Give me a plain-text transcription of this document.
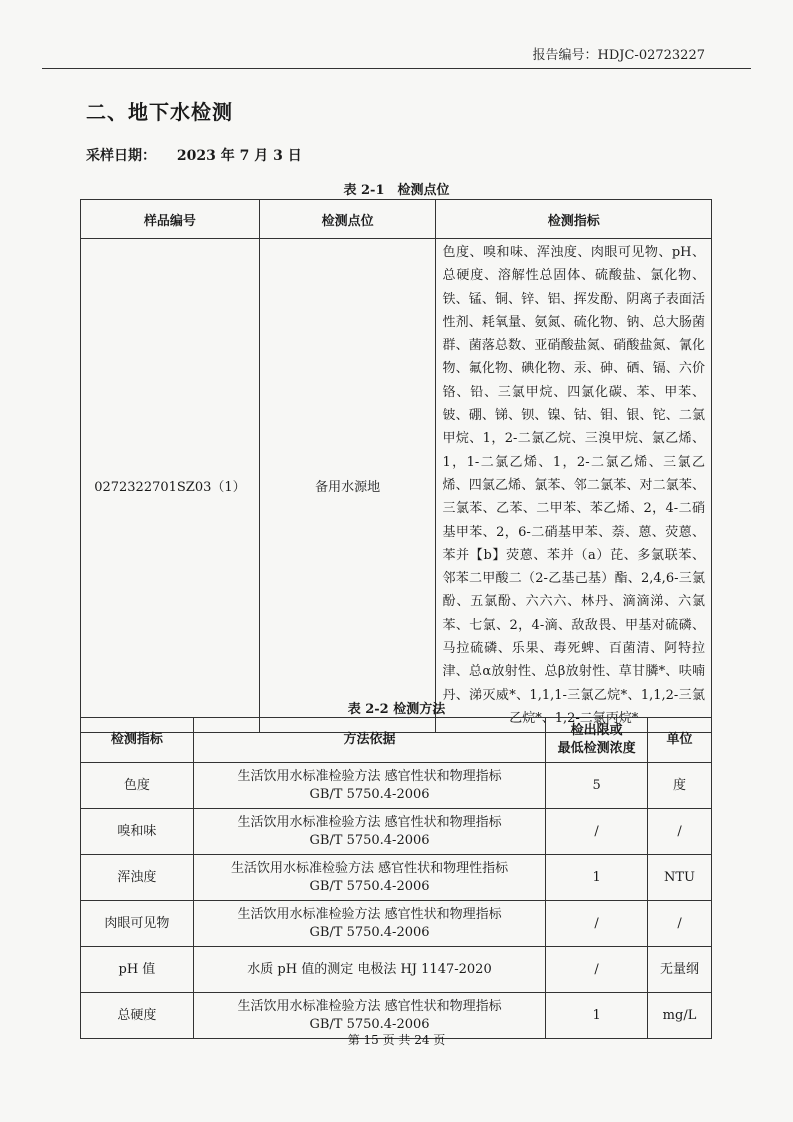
报告编号：HDJC-02723227
二、地下水检测
采样日期： 2023 年 7 月 3 日
表 2-1　检测点位
样品编号	检测点位	检测指标
0272322701SZ03（1）	备用水源地	色度、嗅和味、浑浊度、肉眼可见物、pH、总硬度、溶解性总固体、硫酸盐、氯化物、铁、锰、铜、锌、铝、挥发酚、阴离子表面活性剂、耗氧量、氨氮、硫化物、钠、总大肠菌群、菌落总数、亚硝酸盐氮、硝酸盐氮、氰化物、氟化物、碘化物、汞、砷、硒、镉、六价铬、铅、三氯甲烷、四氯化碳、苯、甲苯、铍、硼、锑、钡、镍、钴、钼、银、铊、二氯甲烷、1，2-二氯乙烷、三溴甲烷、氯乙烯、1，1-二氯乙烯、1，2-二氯乙烯、三氯乙烯、四氯乙烯、氯苯、邻二氯苯、对二氯苯、三氯苯、乙苯、二甲苯、苯乙烯、2，4-二硝基甲苯、2，6-二硝基甲苯、萘、蒽、荧蒽、苯并【b】荧蒽、苯并（a）芘、多氯联苯、邻苯二甲酸二（2-乙基己基）酯、2,4,6-三氯酚、五氯酚、六六六、林丹、滴滴涕、六氯苯、七氯、2，4-滴、敌敌畏、甲基对硫磷、马拉硫磷、乐果、毒死蜱、百菌清、阿特拉津、总α放射性、总β放射性、草甘膦*、呋喃丹、涕灭威*、1,1,1-三氯乙烷*、1,1,2-三氯乙烷*、1,2-二氯丙烷*
表 2-2 检测方法
检测指标	方法依据	检出限或
最低检测浓度	单位
色度	生活饮用水标准检验方法 感官性状和物理指标
GB/T 5750.4-2006	5	度
嗅和味	生活饮用水标准检验方法 感官性状和物理指标
GB/T 5750.4-2006	/	/
浑浊度	生活饮用水标准检验方法 感官性状和物理性指标
GB/T 5750.4-2006	1	NTU
肉眼可见物	生活饮用水标准检验方法 感官性状和物理指标
GB/T 5750.4-2006	/	/
pH 值	水质 pH 值的测定 电极法 HJ 1147-2020	/	无量纲
总硬度	生活饮用水标准检验方法 感官性状和物理指标
GB/T 5750.4-2006	1	mg/L
第 15 页 共 24 页
